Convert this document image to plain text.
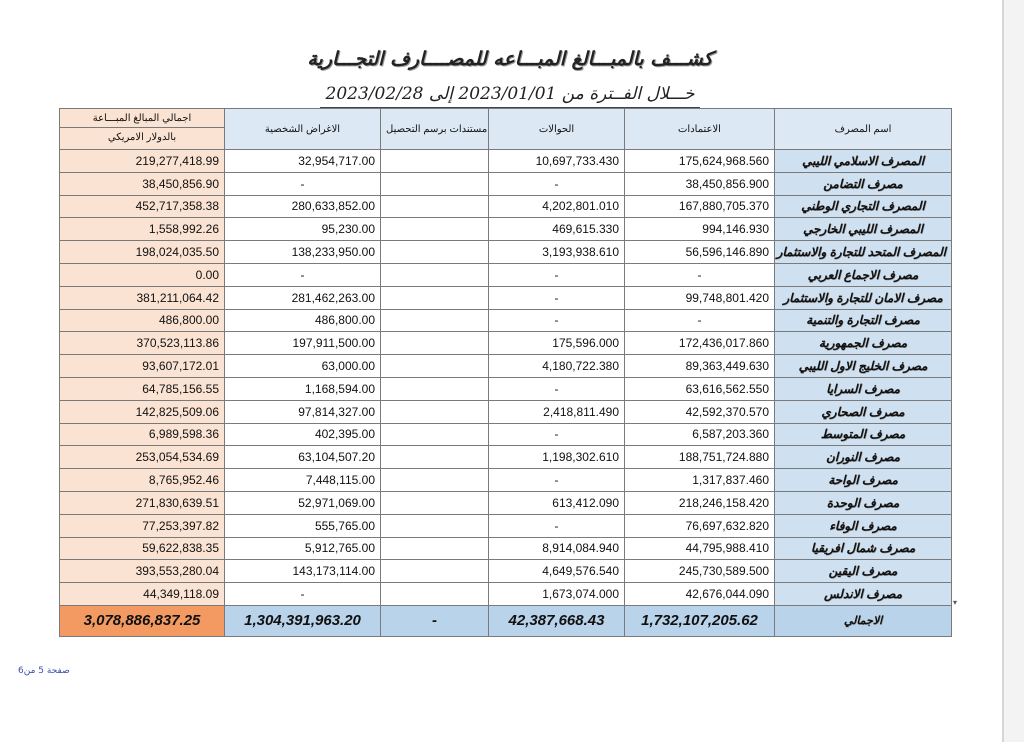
كشـــف بالمبـــالغ المبـــاعه للمصــــارف التجـــارية
خـــلال الفــترة من 2023/01/01 إلى 2023/02/28
اجمالي المبالغ المبـــاعة
بالدولار الامريكي	الاغراض الشخصية	مستندات برسم التحصيل	الحوالات	الاعتمادات	اسم المصرف
219,277,418.99	32,954,717.00		10,697,733.430	175,624,968.560	المصرف الاسلامي الليبي
38,450,856.90	-		-	38,450,856.900	مصرف التضامن
452,717,358.38	280,633,852.00		4,202,801.010	167,880,705.370	المصرف التجاري الوطني
1,558,992.26	95,230.00		469,615.330	994,146.930	المصرف الليبي الخارجي
198,024,035.50	138,233,950.00		3,193,938.610	56,596,146.890	المصرف المتحد للتجارة والاستثمار
0.00	-		-	-	مصرف الاجماع العربي
381,211,064.42	281,462,263.00		-	99,748,801.420	مصرف الامان للتجارة والاستثمار
486,800.00	486,800.00		-	-	مصرف التجارة والتنمية
370,523,113.86	197,911,500.00		175,596.000	172,436,017.860	مصرف الجمهورية
93,607,172.01	63,000.00		4,180,722.380	89,363,449.630	مصرف الخليج الاول الليبي
64,785,156.55	1,168,594.00		-	63,616,562.550	مصرف السرايا
142,825,509.06	97,814,327.00		2,418,811.490	42,592,370.570	مصرف الصحاري
6,989,598.36	402,395.00		-	6,587,203.360	مصرف المتوسط
253,054,534.69	63,104,507.20		1,198,302.610	188,751,724.880	مصرف النوران
8,765,952.46	7,448,115.00		-	1,317,837.460	مصرف الواحة
271,830,639.51	52,971,069.00		613,412.090	218,246,158.420	مصرف الوحدة
77,253,397.82	555,765.00		-	76,697,632.820	مصرف الوفاء
59,622,838.35	5,912,765.00		8,914,084.940	44,795,988.410	مصرف شمال افريقيا
393,553,280.04	143,173,114.00		4,649,576.540	245,730,589.500	مصرف اليقين
44,349,118.09	-		1,673,074.000	42,676,044.090	مصرف الاندلس
3,078,886,837.25	1,304,391,963.20	-	42,387,668.43	1,732,107,205.62	الاجمالي
صفحة 5 من6
▾
